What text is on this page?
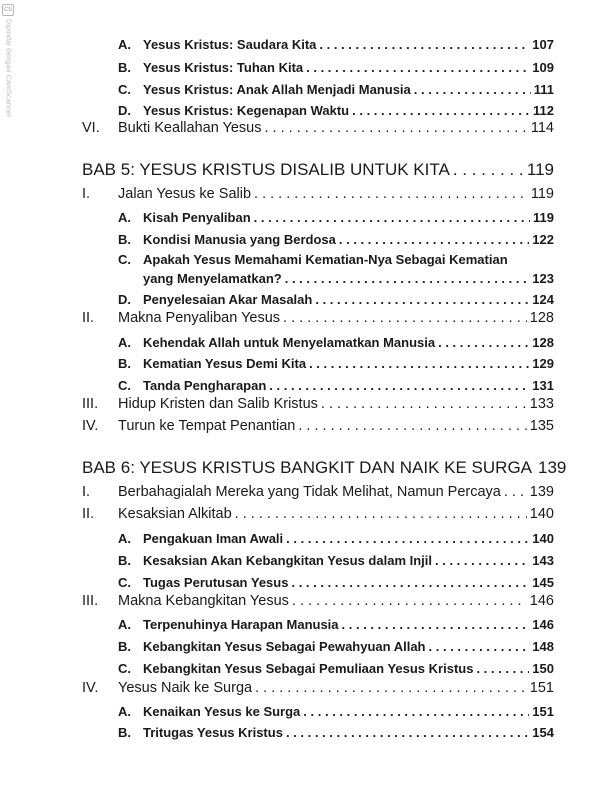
CS
Dipindai dengan CamScanner	A. Yesus Kristus: Saudara Kita . . .	107
B. Yesus Kristus: Tuhan Kita . . .	109
C. Yesus Kristus: Anak Allah Menjadi Manusia . . .	111
D. Yesus Kristus: Kegenapan Waktu . . .	112
VI.	Bukti Keallahan Yesus . . .	114
BAB 5: YESUS KRISTUS DISALIB UNTUK KITA . . .	119
I.	Jalan Yesus ke Salib . . .	119
A. Kisah Penyaliban . . .	119
B. Kondisi Manusia yang Berdosa . . .	122
C. Apakah Yesus Memahami Kematian-Nya Sebagai Kematian
yang Menyelamatkan? . . .	123
D. Penyelesaian Akar Masalah . . .	124
II.	Makna Penyaliban Yesus . . .	128
A. Kehendak Allah untuk Menyelamatkan Manusia . . .	128
B. Kematian Yesus Demi Kita . . .	129
C. Tanda Pengharapan . . .	131
III.	Hidup Kristen dan Salib Kristus . . .	133
IV.	Turun ke Tempat Penantian . . .	135
BAB 6: YESUS KRISTUS BANGKIT DAN NAIK KE SURGA 139
I.	Berbahagialah Mereka yang Tidak Melihat, Namun Percaya . . . 139
II.	Kesaksian Alkitab . . .	140
A. Pengakuan Iman Awali . . .	140
B. Kesaksian Akan Kebangkitan Yesus dalam Injil . . .	143
C. Tugas Perutusan Yesus . . .	145
III.	Makna Kebangkitan Yesus . . .	146
A. Terpenuhinya Harapan Manusia . . .	146
B. Kebangkitan Yesus Sebagai Pewahyuan Allah . . .	148
C. Kebangkitan Yesus Sebagai Pemuliaan Yesus Kristus . . .	150
IV.	Yesus Naik ke Surga . . .	151
A. Kenaikan Yesus ke Surga . . .	151
B. Tritugas Yesus Kristus . . .	154
